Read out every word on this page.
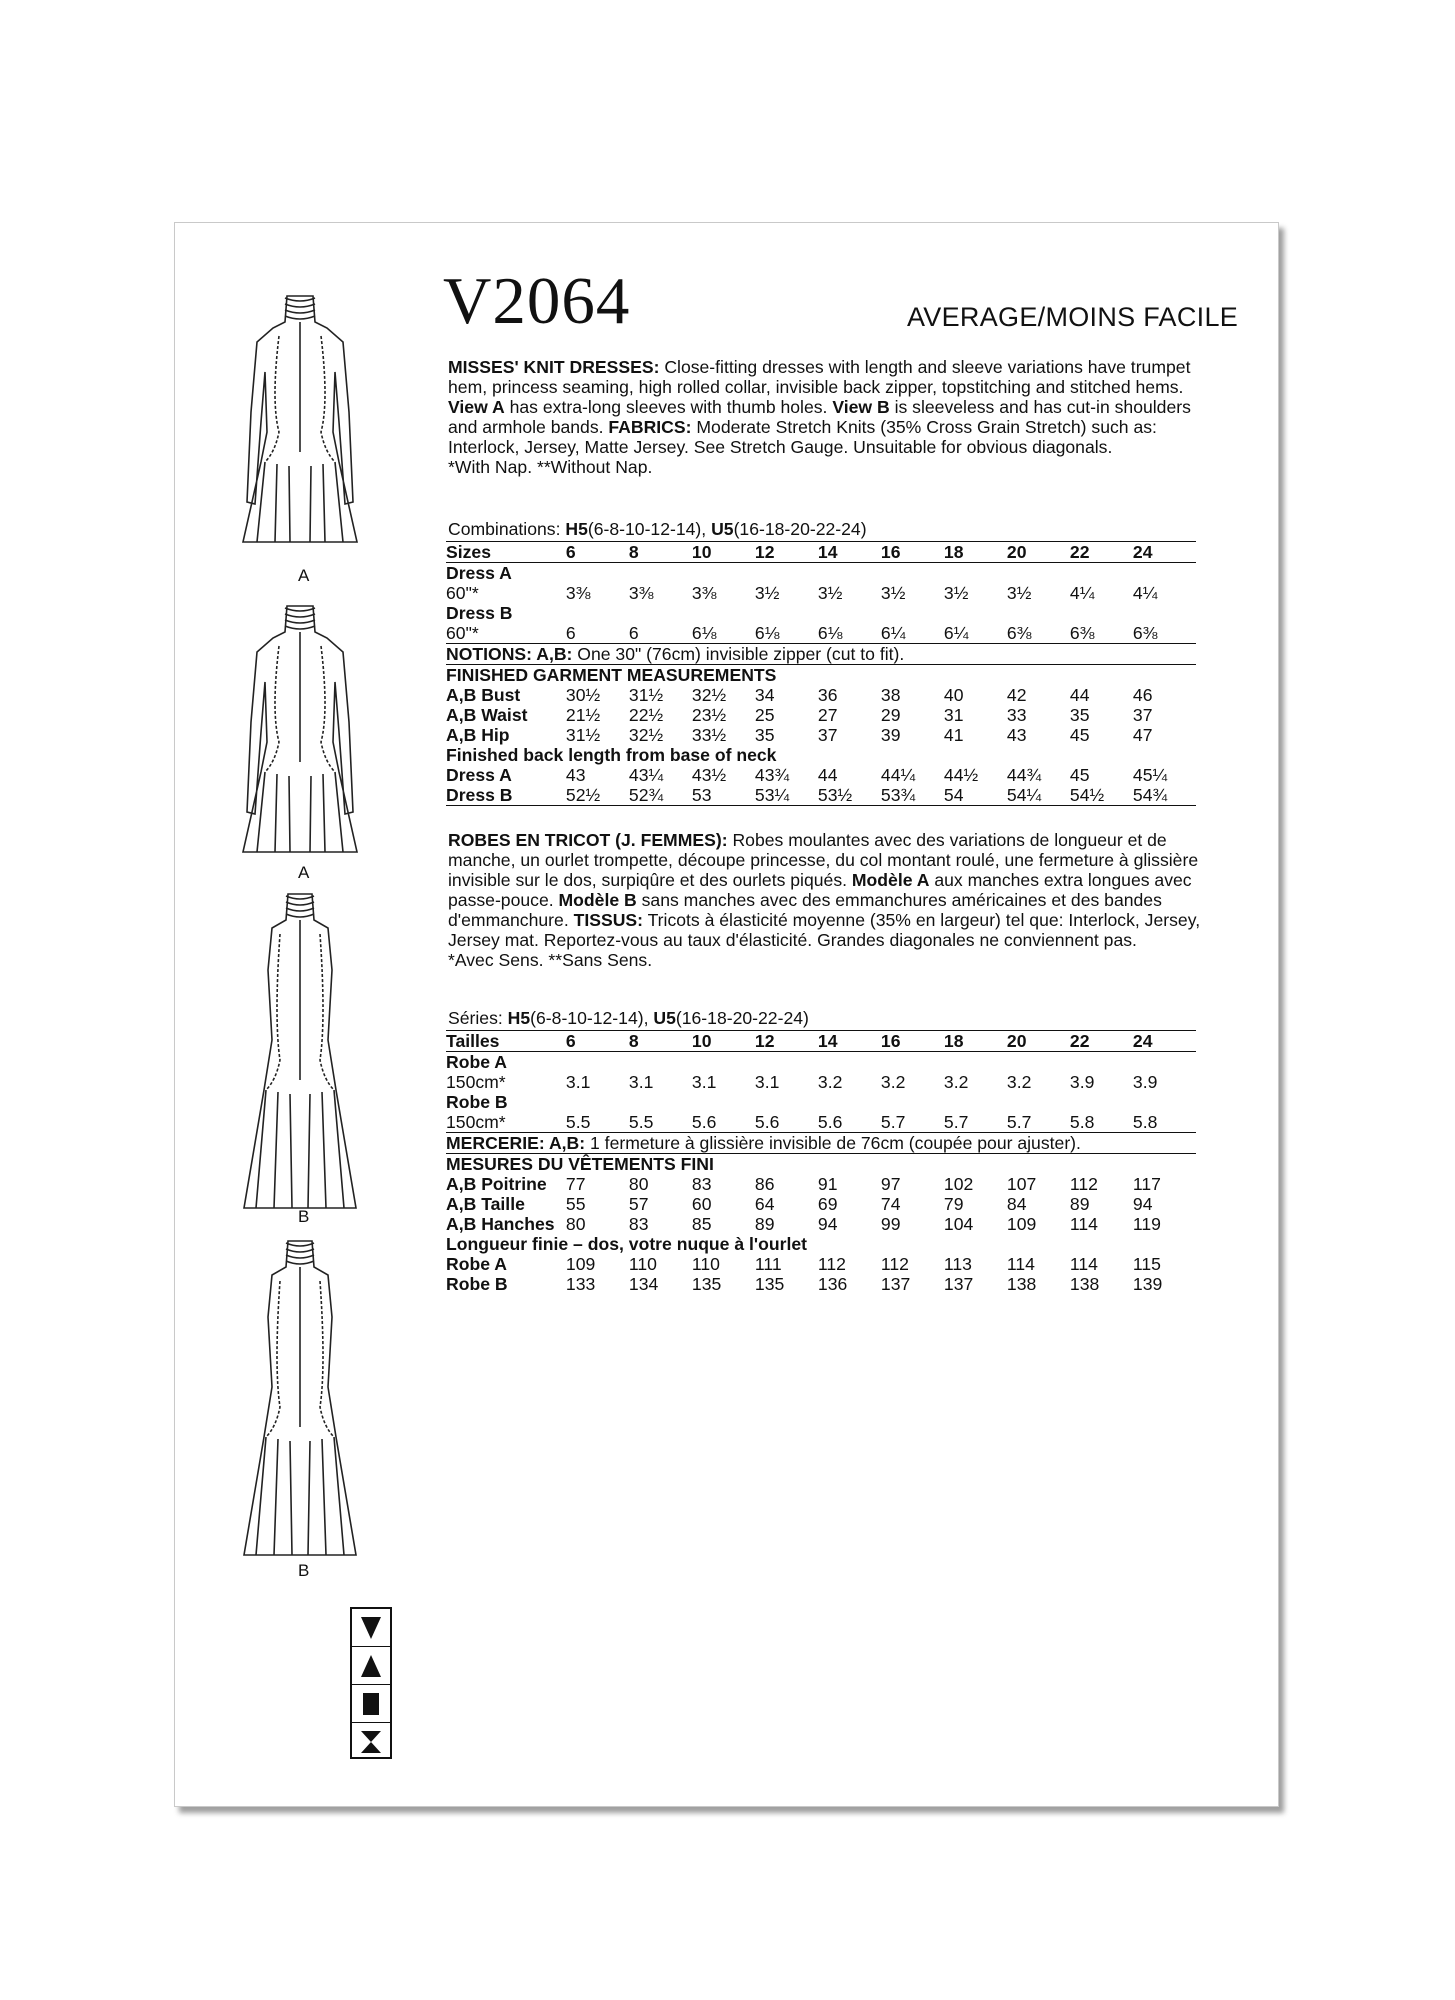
V2064	AVERAGE/MOINS FACILE

MISSES' KNIT DRESSES: Close-fitting dresses with length and sleeve variations have trumpet hem, princess seaming, high rolled collar, invisible back zipper, topstitching and stitched hems. View A has extra-long sleeves with thumb holes. View B is sleeveless and has cut-in shoulders and armhole bands. FABRICS: Moderate Stretch Knits (35% Cross Grain Stretch) such as: Interlock, Jersey, Matte Jersey. See Stretch Gauge. Unsuitable for obvious diagonals.

*With Nap. **Without Nap.

Combinations: H5(6-8-10-12-14), U5(16-18-20-22-24)
Sizes	6	8	10	12	14	16	18	20	22	24
Dress A										
60"*	3⅜	3⅜	3⅜	3½	3½	3½	3½	3½	4¼	4¼
Dress B										
60"*	6	6	6⅛	6⅛	6⅛	6¼	6¼	6⅜	6⅜	6⅜
NOTIONS: A,B: One 30" (76cm) invisible zipper (cut to fit).										
FINISHED GARMENT MEASUREMENTS										
A,B Bust	30½	31½	32½	34	36	38	40	42	44	46
A,B Waist	21½	22½	23½	25	27	29	31	33	35	37
A,B Hip	31½	32½	33½	35	37	39	41	43	45	47
Finished back length from base of neck										
Dress A	43	43¼	43½	43¾	44	44¼	44½	44¾	45	45¼
Dress B	52½	52¾	53	53¼	53½	53¾	54	54¼	54½	54¾

ROBES EN TRICOT (J. FEMMES): Robes moulantes avec des variations de longueur et de manche, un ourlet trompette, découpe princesse, du col montant roulé, une fermeture à glissière invisible sur le dos, surpiqûre et des ourlets piqués. Modèle A aux manches extra longues avec passe-pouce. Modèle B sans manches avec des emmanchures américaines et des bandes d'emmanchure. TISSUS: Tricots à élasticité moyenne (35% en largeur) tel que: Interlock, Jersey, Jersey mat. Reportez-vous au taux d'élasticité. Grandes diagonales ne conviennent pas.

*Avec Sens. **Sans Sens.

Séries: H5(6-8-10-12-14), U5(16-18-20-22-24)
Tailles	6	8	10	12	14	16	18	20	22	24
Robe A										
150cm*	3.1	3.1	3.1	3.1	3.2	3.2	3.2	3.2	3.9	3.9
Robe B										
150cm*	5.5	5.5	5.6	5.6	5.6	5.7	5.7	5.7	5.8	5.8
MERCERIE: A,B: 1 fermeture à glissière invisible de 76cm (coupée pour ajuster).										
MESURES DU VÊTEMENTS FINI										
A,B Poitrine	77	80	83	86	91	97	102	107	112	117
A,B Taille	55	57	60	64	69	74	79	84	89	94
A,B Hanches	80	83	85	89	94	99	104	109	114	119
Longueur finie – dos, votre nuque à l'ourlet										
Robe A	109	110	110	111	112	112	113	114	114	115
Robe B	133	134	135	135	136	137	137	138	138	139
A
A
B
B
